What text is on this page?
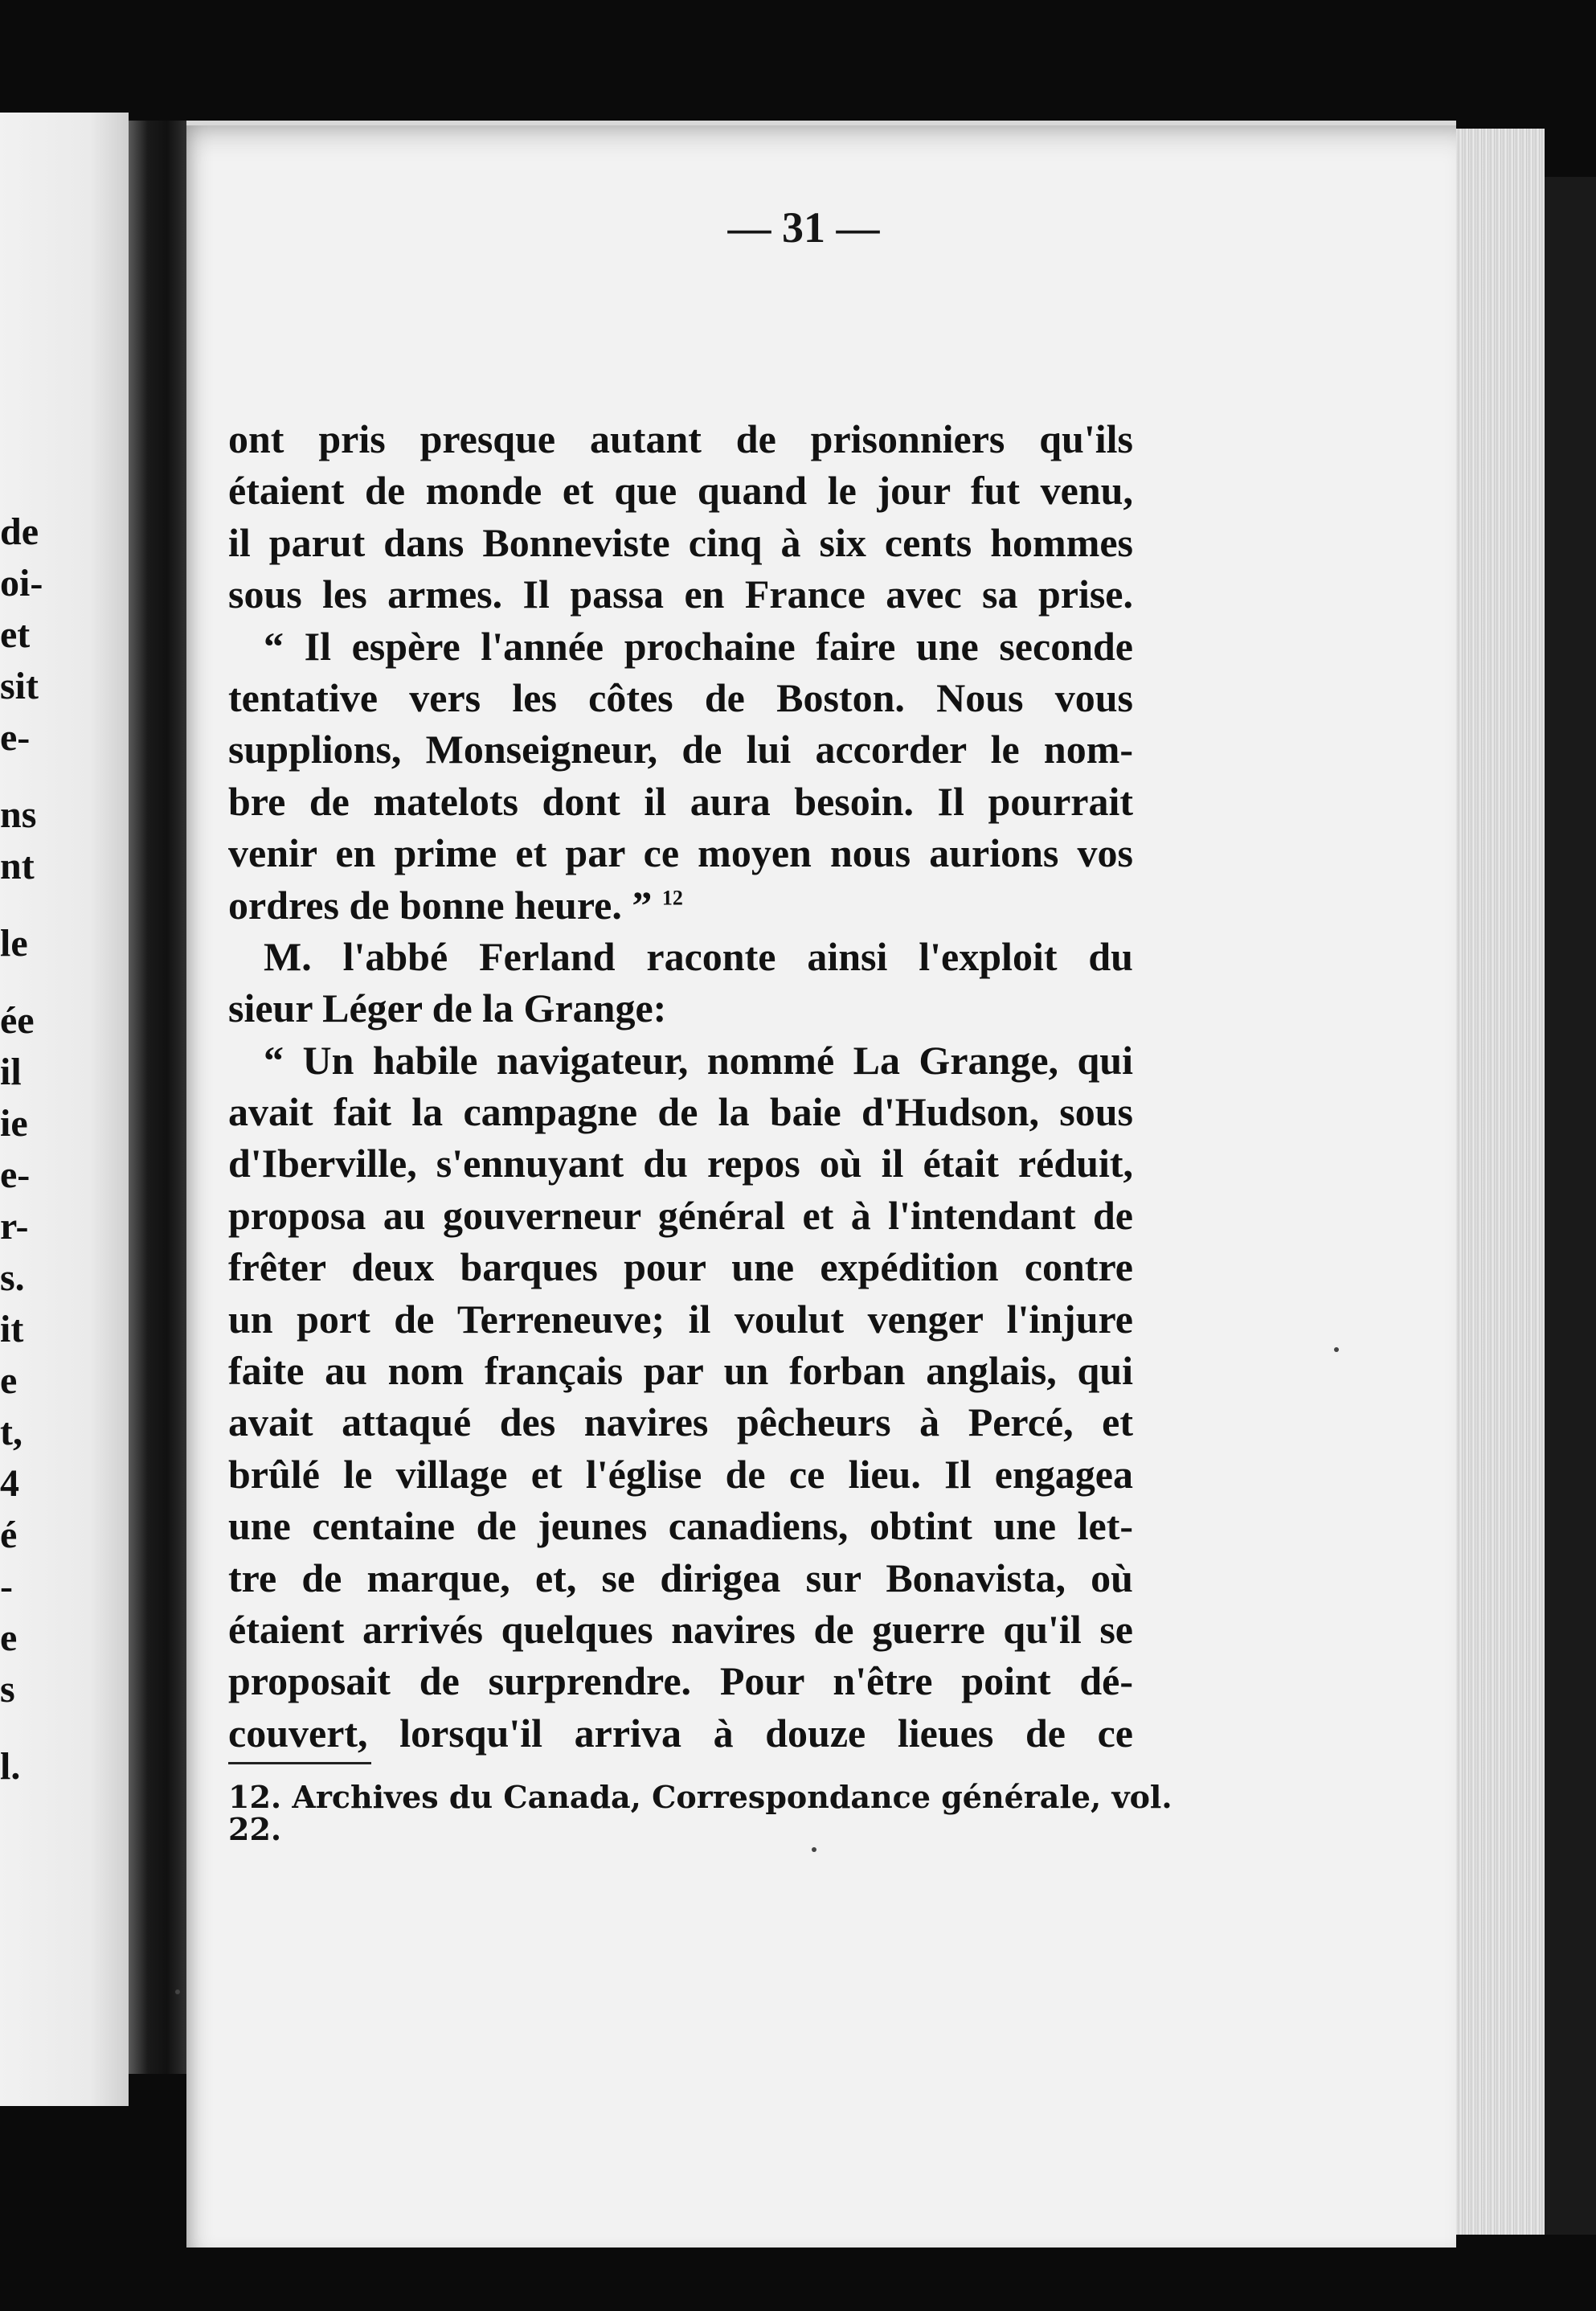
de
oi-
et
sit
e-
ns
nt
le
ée
il
ie
e-
r-
s.
it
e
t,
4
é
-
e
s
l.
— 31 —
ont pris presque autant de prisonniers qu'ils
étaient de monde et que quand le jour fut venu,
il parut dans Bonneviste cinq à six cents hommes
sous les armes. Il passa en France avec sa prise.
“ Il espère l'année prochaine faire une seconde
tentative vers les côtes de Boston. Nous vous
supplions, Monseigneur, de lui accorder le nom-
bre de matelots dont il aura besoin. Il pourrait
venir en prime et par ce moyen nous aurions vos
ordres de bonne heure. ” $^{12}$
M. l'abbé Ferland raconte ainsi l'exploit du
sieur Léger de la Grange:
“ Un habile navigateur, nommé La Grange, qui
avait fait la campagne de la baie d'Hudson, sous
d'Iberville, s'ennuyant du repos où il était réduit,
proposa au gouverneur général et à l'intendant de
frêter deux barques pour une expédition contre
un port de Terreneuve; il voulut venger l'injure
faite au nom français par un forban anglais, qui
avait attaqué des navires pêcheurs à Percé, et
brûlé le village et l'église de ce lieu. Il engagea
une centaine de jeunes canadiens, obtint une let-
tre de marque, et, se dirigea sur Bonavista, où
étaient arrivés quelques navires de guerre qu'il se
proposait de surprendre. Pour n'être point dé-
couvert, lorsqu'il arriva à douze lieues de ce
12. Archives du Canada, Correspondance générale, vol.
22.
